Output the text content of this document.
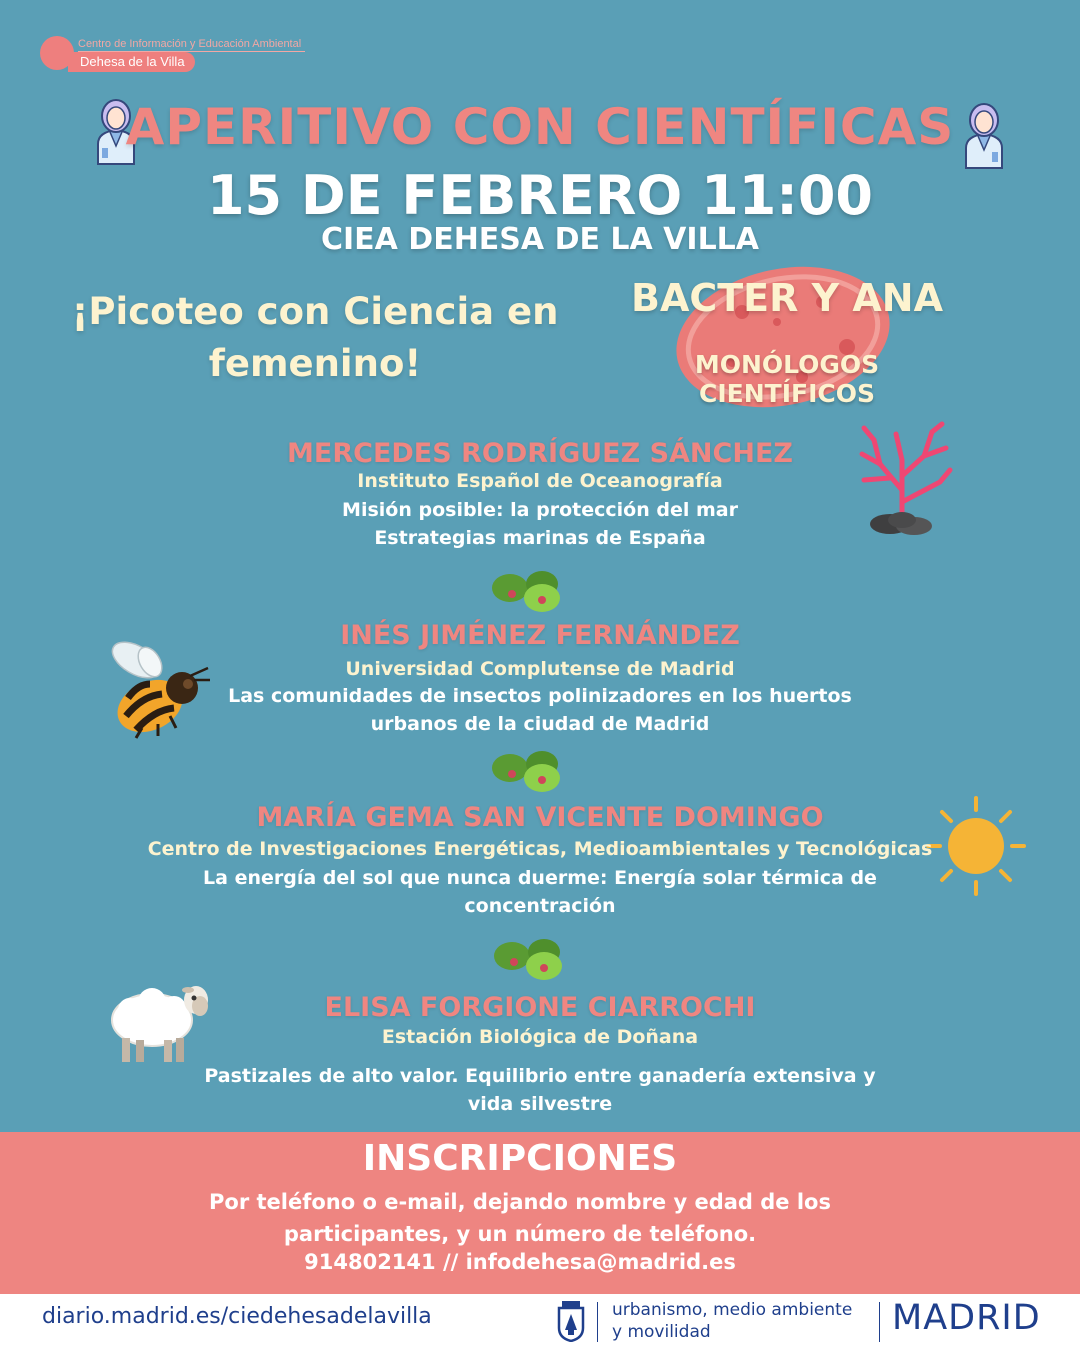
Centro de Información y Educación Ambiental
Dehesa de la Villa
APERITIVO CON CIENTÍFICAS
15 DE FEBRERO 11:00
CIEA DEHESA DE LA VILLA
¡Picoteo con Ciencia en femenino!
BACTER Y ANA
MONÓLOGOS
CIENTÍFICOS
MERCEDES RODRÍGUEZ SÁNCHEZ
Instituto Español de Oceanografía
Misión posible: la protección del mar
Estrategias marinas de España
INÉS JIMÉNEZ FERNÁNDEZ
Universidad Complutense de Madrid
Las comunidades de insectos polinizadores en los huertos
urbanos de la ciudad de Madrid
MARÍA GEMA SAN VICENTE DOMINGO
Centro de Investigaciones Energéticas, Medioambientales y Tecnológicas
La energía del sol que nunca duerme: Energía solar térmica de
concentración
ELISA FORGIONE CIARROCHI
Estación Biológica de Doñana
Pastizales de alto valor. Equilibrio entre ganadería extensiva y
vida silvestre
INSCRIPCIONES
Por teléfono o e-mail, dejando nombre y edad de los
participantes, y un número de teléfono.
914802141 // infodehesa@madrid.es
diario.madrid.es/ciedehesadelavilla	urbanismo, medio ambiente
y movilidad	MADRID
